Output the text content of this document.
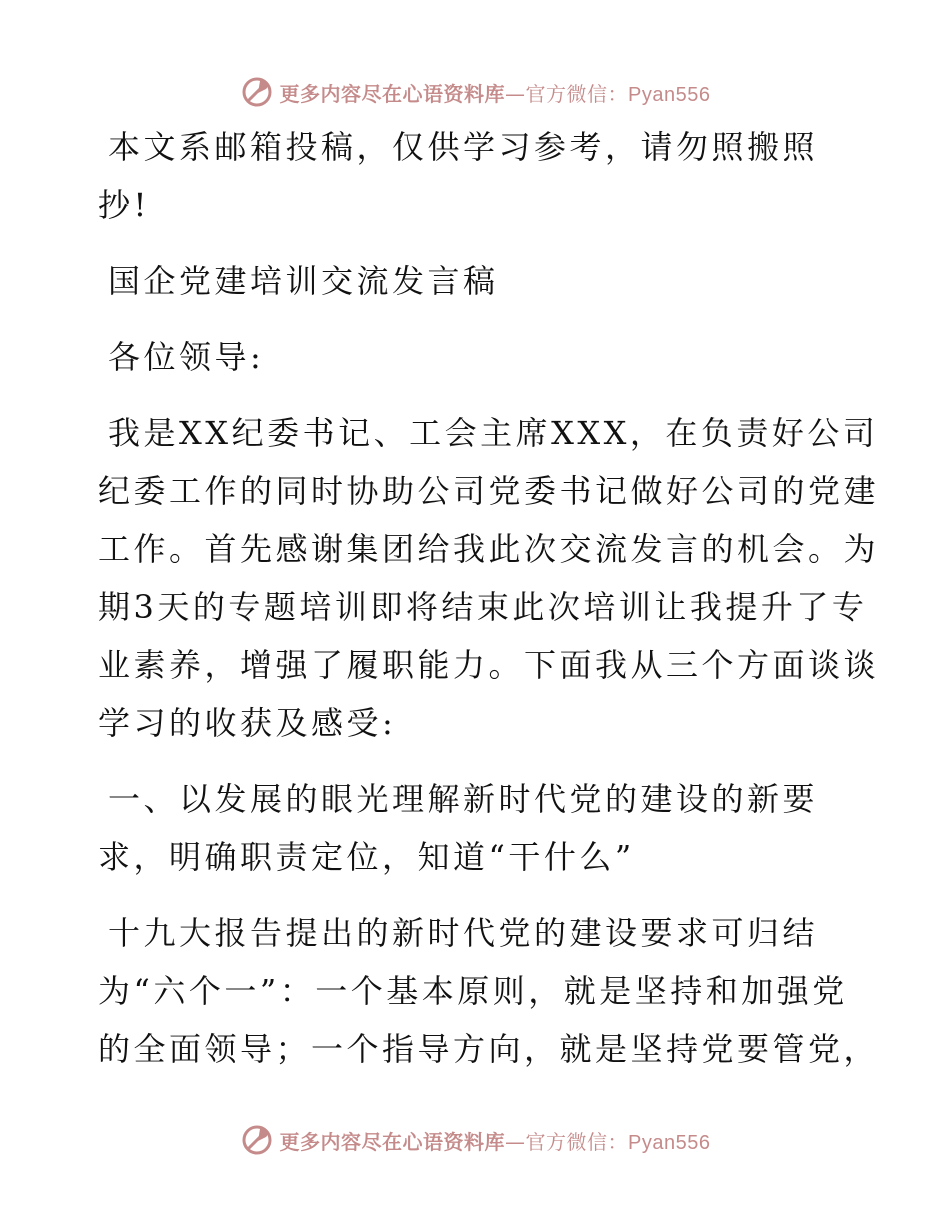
更多内容尽在心语资料库—官方微信：Pyan556

本文系邮箱投稿，仅供学习参考，请勿照搬照
抄!

国企党建培训交流发言稿

各位领导:

我是XX纪委书记、工会主席XXX，在负责好公司
纪委工作的同时协助公司党委书记做好公司的党建
工作。首先感谢集团给我此次交流发言的机会。为
期3天的专题培训即将结束此次培训让我提升了专
业素养，增强了履职能力。下面我从三个方面谈谈
学习的收获及感受:

一、以发展的眼光理解新时代党的建设的新要
求，明确职责定位，知道“干什么”

十九大报告提出的新时代党的建设要求可归结
为“六个一”：一个基本原则，就是坚持和加强党
的全面领导；一个指导方向，就是坚持党要管党，

更多内容尽在心语资料库—官方微信：Pyan556
